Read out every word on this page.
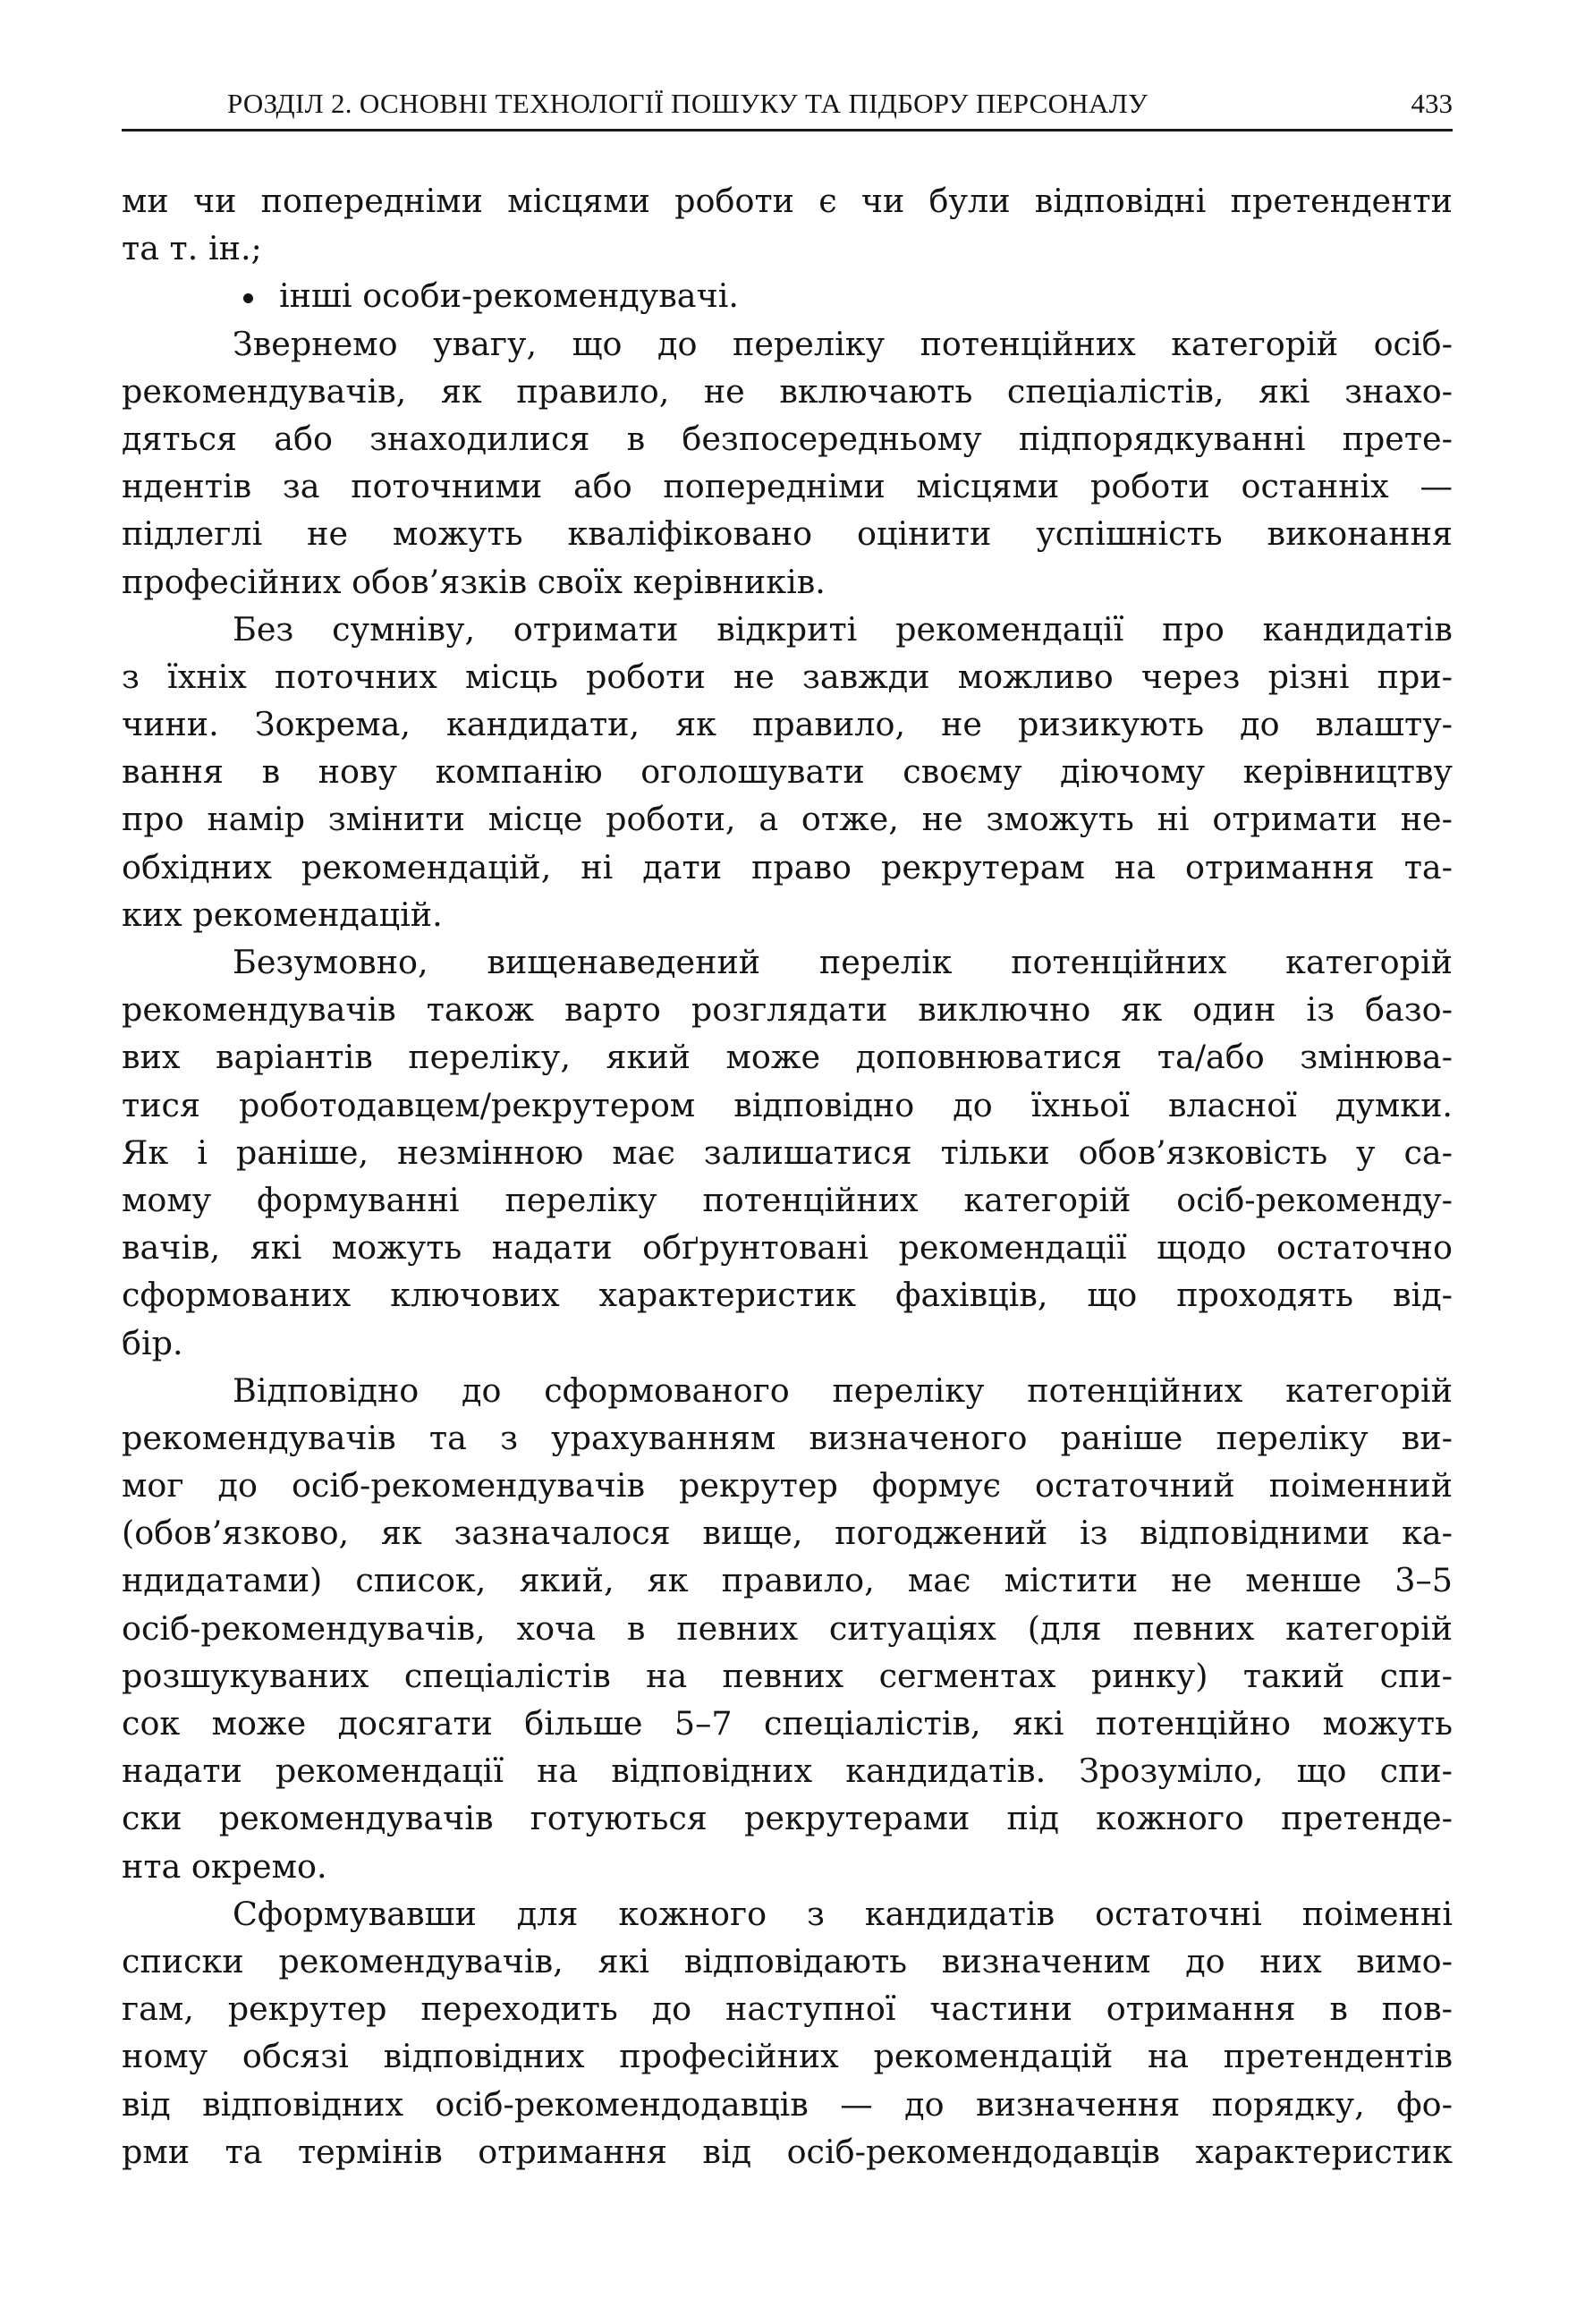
РОЗДІЛ 2. ОСНОВНІ ТЕХНОЛОГІЇ ПОШУКУ ТА ПІДБОРУ ПЕРСОНАЛУ	433
ми чи попередніми місцями роботи є чи були відповідні претенденти
та т. ін.;
інші особи-рекомендувачі.
Звернемо увагу, що до переліку потенційних категорій осіб-
рекомендувачів, як правило, не включають спеціалістів, які знахо-
дяться або знаходилися в безпосередньому підпорядкуванні прете-
ндентів за поточними або попередніми місцями роботи останніх —
підлеглі не можуть кваліфіковано оцінити успішність виконання
професійних обов’язків своїх керівників.
Без сумніву, отримати відкриті рекомендації про кандидатів
з їхніх поточних місць роботи не завжди можливо через різні при-
чини. Зокрема, кандидати, як правило, не ризикують до влашту-
вання в нову компанію оголошувати своєму діючому керівництву
про намір змінити місце роботи, а отже, не зможуть ні отримати не-
обхідних рекомендацій, ні дати право рекрутерам на отримання та-
ких рекомендацій.
Безумовно, вищенаведений перелік потенційних категорій
рекомендувачів також варто розглядати виключно як один із базо-
вих варіантів переліку, який може доповнюватися та/або змінюва-
тися роботодавцем/рекрутером відповідно до їхньої власної думки.
Як і раніше, незмінною має залишатися тільки обов’язковість у са-
мому формуванні переліку потенційних категорій осіб-рекоменду-
вачів, які можуть надати обґрунтовані рекомендації щодо остаточно
сформованих ключових характеристик фахівців, що проходять від-
бір.
Відповідно до сформованого переліку потенційних категорій
рекомендувачів та з урахуванням визначеного раніше переліку ви-
мог до осіб-рекомендувачів рекрутер формує остаточний поіменний
(обов’язково, як зазначалося вище, погоджений із відповідними ка-
ндидатами) список, який, як правило, має містити не менше 3–5
осіб-рекомендувачів, хоча в певних ситуаціях (для певних категорій
розшукуваних спеціалістів на певних сегментах ринку) такий спи-
сок може досягати більше 5–7 спеціалістів, які потенційно можуть
надати рекомендації на відповідних кандидатів. Зрозуміло, що спи-
ски рекомендувачів готуються рекрутерами під кожного претенде-
нта окремо.
Сформувавши для кожного з кандидатів остаточні поіменні
списки рекомендувачів, які відповідають визначеним до них вимо-
гам, рекрутер переходить до наступної частини отримання в пов-
ному обсязі відповідних професійних рекомендацій на претендентів
від відповідних осіб-рекомендодавців — до визначення порядку, фо-
рми та термінів отримання від осіб-рекомендодавців характеристик
